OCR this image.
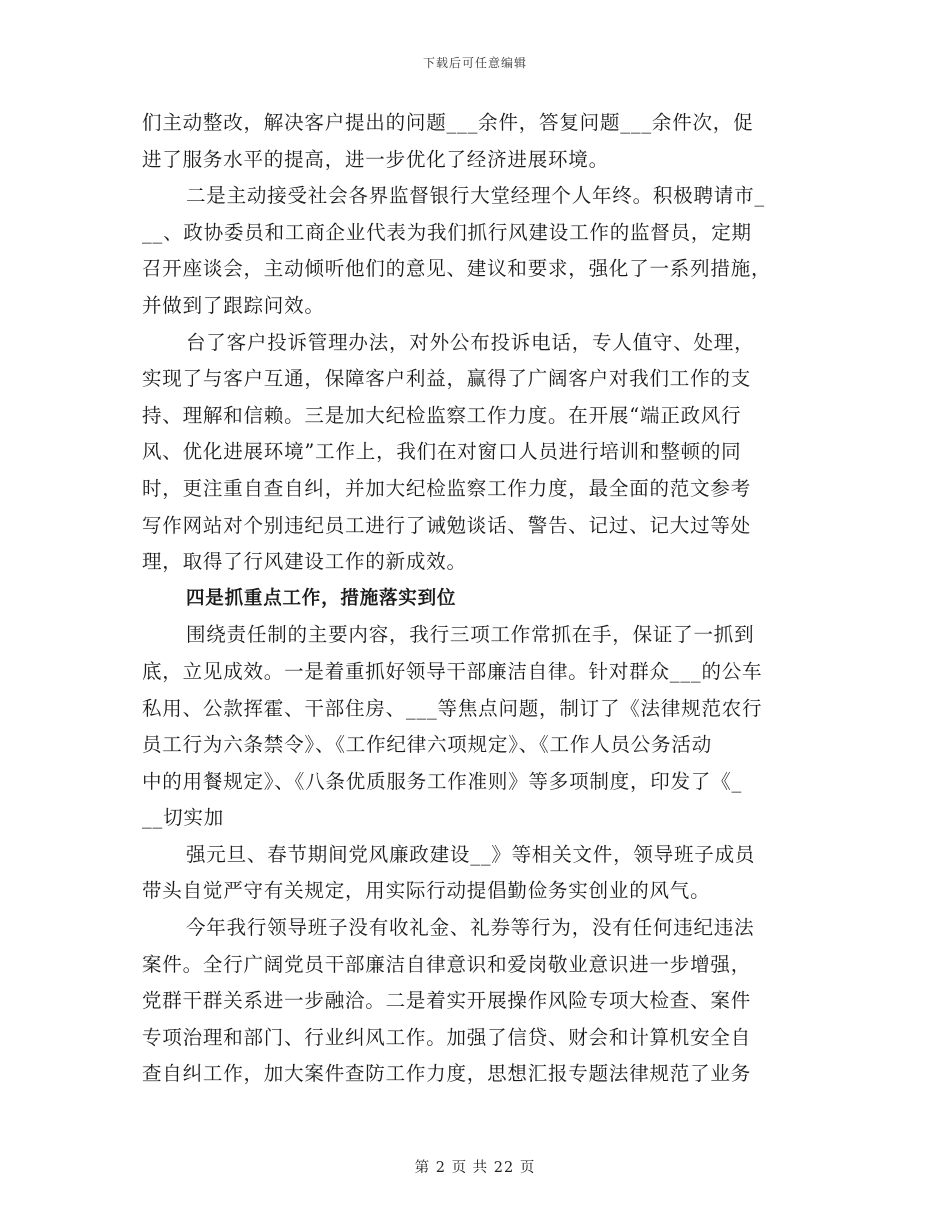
下载后可任意编辑
们主动整改，解决客户提出的问题___余件，答复问题___余件次，促
进了服务水平的提高，进一步优化了经济进展环境。
二是主动接受社会各界监督银行大堂经理个人年终。积极聘请市_
__、政协委员和工商企业代表为我们抓行风建设工作的监督员，定期
召开座谈会，主动倾听他们的意见、建议和要求，强化了一系列措施，
并做到了跟踪问效。
台了客户投诉管理办法，对外公布投诉电话，专人值守、处理，
实现了与客户互通，保障客户利益，赢得了广阔客户对我们工作的支
持、理解和信赖。三是加大纪检监察工作力度。在开展“端正政风行
风、优化进展环境”工作上，我们在对窗口人员进行培训和整顿的同
时，更注重自查自纠，并加大纪检监察工作力度，最全面的范文参考
写作网站对个别违纪员工进行了诫勉谈话、警告、记过、记大过等处
理，取得了行风建设工作的新成效。
四是抓重点工作，措施落实到位
围绕责任制的主要内容，我行三项工作常抓在手，保证了一抓到
底，立见成效。一是着重抓好领导干部廉洁自律。针对群众___的公车
私用、公款挥霍、干部住房、___等焦点问题，制订了《法律规范农行
员工行为六条禁令》、《工作纪律六项规定》、《工作人员公务活动
中的用餐规定》、《八条优质服务工作准则》等多项制度，印发了《_
__切实加
强元旦、春节期间党风廉政建设__》等相关文件，领导班子成员
带头自觉严守有关规定，用实际行动提倡勤俭务实创业的风气。
今年我行领导班子没有收礼金、礼券等行为，没有任何违纪违法
案件。全行广阔党员干部廉洁自律意识和爱岗敬业意识进一步增强，
党群干群关系进一步融洽。二是着实开展操作风险专项大检查、案件
专项治理和部门、行业纠风工作。加强了信贷、财会和计算机安全自
查自纠工作，加大案件查防工作力度，思想汇报专题法律规范了业务
第 2 页 共 22 页
